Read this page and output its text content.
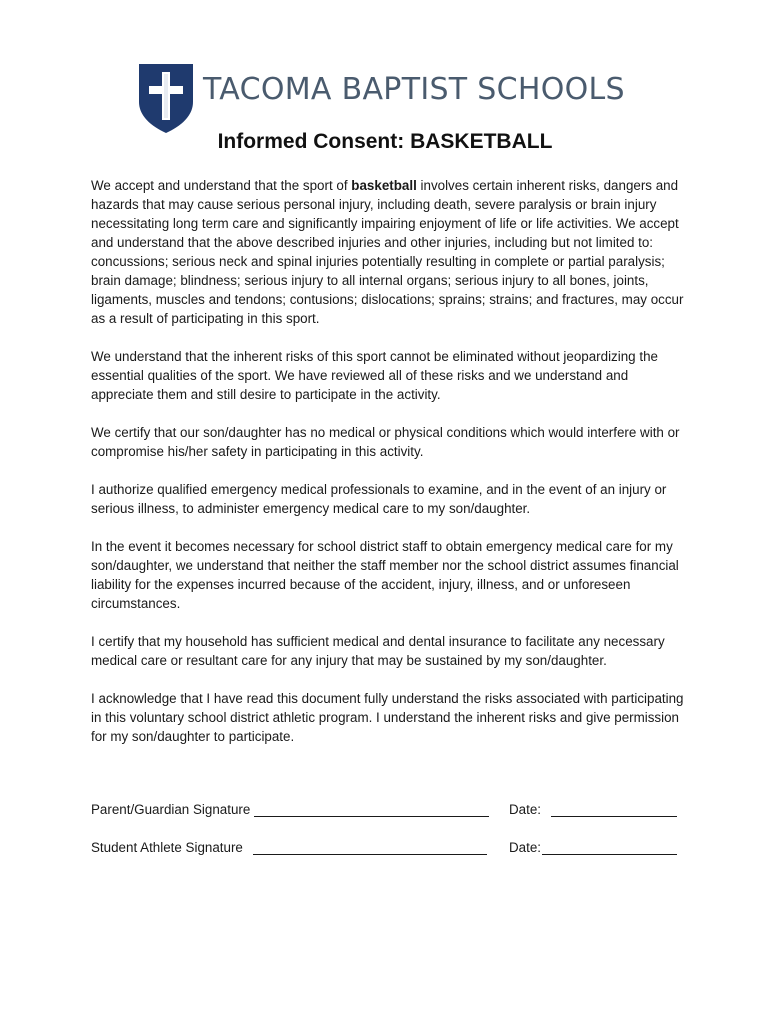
TACOMA BAPTIST SCHOOLS
Informed Consent: BASKETBALL

We accept and understand that the sport of basketball involves certain inherent risks, dangers and hazards that may cause serious personal injury, including death, severe paralysis or brain injury necessitating long term care and significantly impairing enjoyment of life or life activities. We accept and understand that the above described injuries and other injuries, including but not limited to: concussions; serious neck and spinal injuries potentially resulting in complete or partial paralysis; brain damage; blindness; serious injury to all internal organs; serious injury to all bones, joints, ligaments, muscles and tendons; contusions; dislocations; sprains; strains; and fractures, may occur as a result of participating in this sport.

We understand that the inherent risks of this sport cannot be eliminated without jeopardizing the essential qualities of the sport. We have reviewed all of these risks and we understand and appreciate them and still desire to participate in the activity.

We certify that our son/daughter has no medical or physical conditions which would interfere with or compromise his/her safety in participating in this activity.

I authorize qualified emergency medical professionals to examine, and in the event of an injury or serious illness, to administer emergency medical care to my son/daughter.

In the event it becomes necessary for school district staff to obtain emergency medical care for my son/daughter, we understand that neither the staff member nor the school district assumes financial liability for the expenses incurred because of the accident, injury, illness, and or unforeseen circumstances.

I certify that my household has sufficient medical and dental insurance to facilitate any necessary medical care or resultant care for any injury that may be sustained by my son/daughter.

I acknowledge that I have read this document fully understand the risks associated with participating in this voluntary school district athletic program. I understand the inherent risks and give permission for my son/daughter to participate.

Parent/Guardian Signature	Date:
Student Athlete Signature	Date:
